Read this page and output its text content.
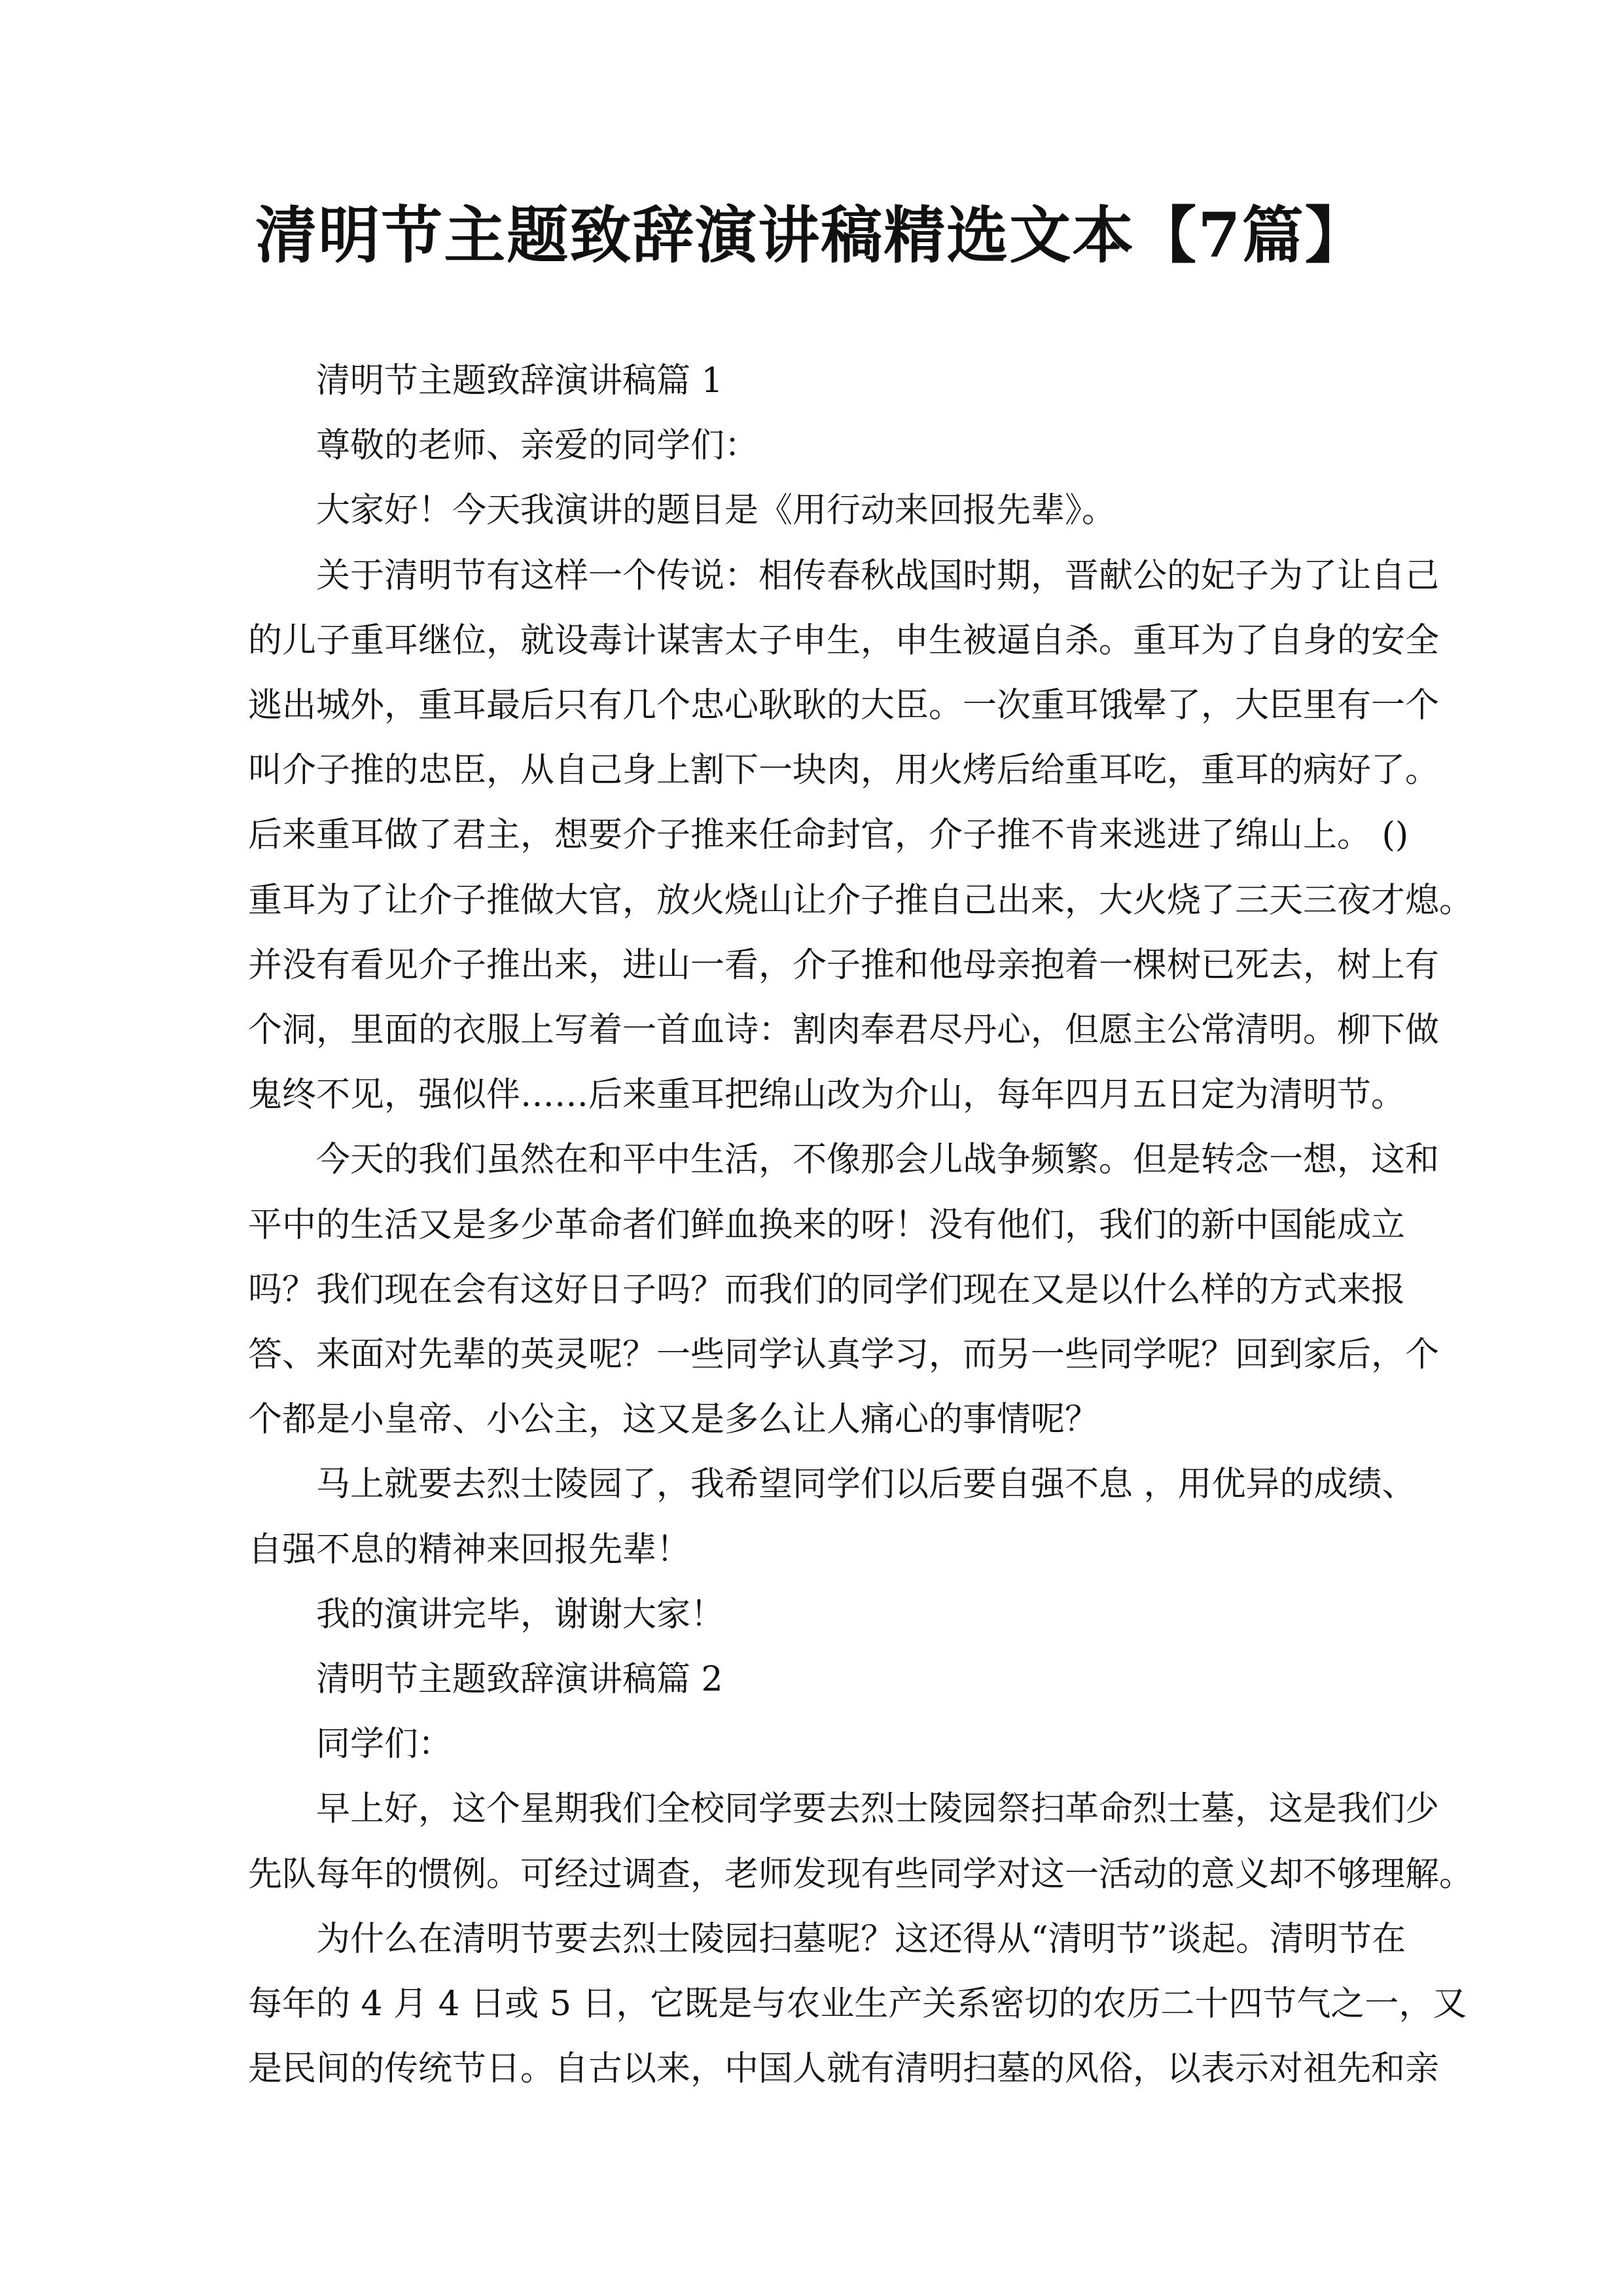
清明节主题致辞演讲稿精选文本【7篇】
清明节主题致辞演讲稿篇 1
尊敬的老师、亲爱的同学们：
大家好！今天我演讲的题目是《用行动来回报先辈》。
关于清明节有这样一个传说：相传春秋战国时期，晋献公的妃子为了让自己
的儿子重耳继位，就设毒计谋害太子申生，申生被逼自杀。重耳为了自身的安全
逃出城外，重耳最后只有几个忠心耿耿的大臣。一次重耳饿晕了，大臣里有一个
叫介子推的忠臣，从自己身上割下一块肉，用火烤后给重耳吃，重耳的病好了。
后来重耳做了君主，想要介子推来任命封官，介子推不肯来逃进了绵山上。 ()
重耳为了让介子推做大官，放火烧山让介子推自己出来，大火烧了三天三夜才熄。
并没有看见介子推出来，进山一看，介子推和他母亲抱着一棵树已死去，树上有
个洞，里面的衣服上写着一首血诗：割肉奉君尽丹心，但愿主公常清明。柳下做
鬼终不见，强似伴……后来重耳把绵山改为介山，每年四月五日定为清明节。
今天的我们虽然在和平中生活，不像那会儿战争频繁。但是转念一想，这和
平中的生活又是多少革命者们鲜血换来的呀！没有他们，我们的新中国能成立
吗？我们现在会有这好日子吗？而我们的同学们现在又是以什么样的方式来报
答、来面对先辈的英灵呢？一些同学认真学习，而另一些同学呢？回到家后，个
个都是小皇帝、小公主，这又是多么让人痛心的事情呢？
马上就要去烈士陵园了，我希望同学们以后要自强不息 ，用优异的成绩、
自强不息的精神来回报先辈！
我的演讲完毕，谢谢大家！
清明节主题致辞演讲稿篇 2
同学们：
早上好，这个星期我们全校同学要去烈士陵园祭扫革命烈士墓，这是我们少
先队每年的惯例。可经过调查，老师发现有些同学对这一活动的意义却不够理解。
为什么在清明节要去烈士陵园扫墓呢？这还得从“清明节”谈起。清明节在
每年的 4 月 4 日或 5 日，它既是与农业生产关系密切的农历二十四节气之一，又
是民间的传统节日。自古以来，中国人就有清明扫墓的风俗，以表示对祖先和亲
